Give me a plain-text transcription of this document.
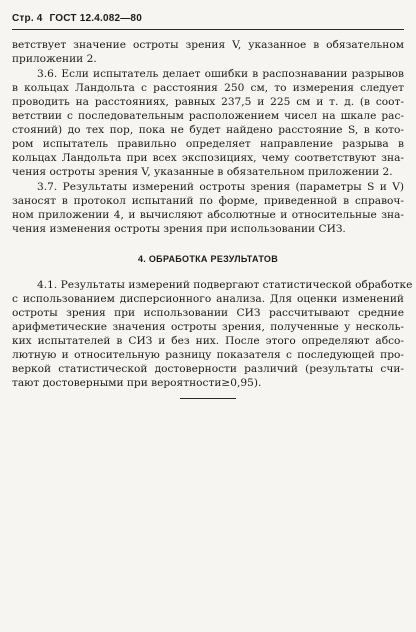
Стр. 4 ГОСТ 12.4.082—80
ветствует значение остроты зрения V, указанное в обязательном
приложении 2.
3.6. Если испытатель делает ошибки в распознавании разрывов
в кольцах Ландольта с расстояния 250 см, то измерения следует
проводить на расстояниях, равных 237,5 и 225 см и т. д. (в соот-
ветствии с последовательным расположением чисел на шкале рас-
стояний) до тех пор, пока не будет найдено расстояние S, в кото-
ром испытатель правильно определяет направление разрыва в
кольцах Ландольта при всех экспозициях, чему соответствуют зна-
чения остроты зрения V, указанные в обязательном приложении 2.
3.7. Результаты измерений остроты зрения (параметры S и V)
заносят в протокол испытаний по форме, приведенной в справоч-
ном приложении 4, и вычисляют абсолютные и относительные зна-
чения изменения остроты зрения при использовании СИЗ.
4. ОБРАБОТКА РЕЗУЛЬТАТОВ
4.1. Результаты измерений подвергают статистической обработке
с использованием дисперсионного анализа. Для оценки изменений
остроты зрения при использовании СИЗ рассчитывают средние
арифметические значения остроты зрения, полученные у несколь-
ких испытателей в СИЗ и без них. После этого определяют абсо-
лютную и относительную разницу показателя с последующей про-
веркой статистической достоверности различий (результаты счи-
тают достоверными при вероятности≥0,95).
